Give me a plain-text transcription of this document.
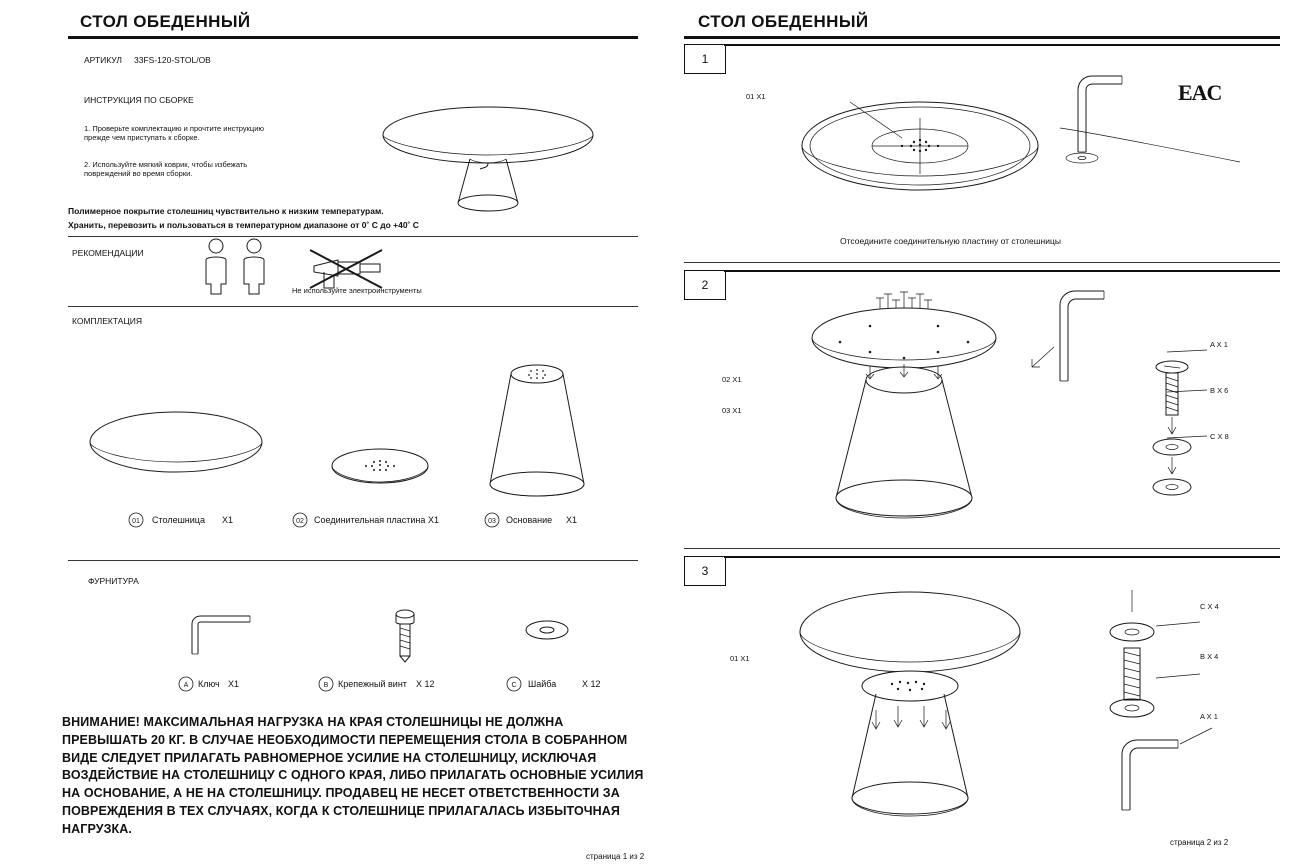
СТОЛ ОБЕДЕННЫЙ
АРТИКУЛ 33FS-120-STOL/OB
ИНСТРУКЦИЯ ПО СБОРКЕ
1. Проверьте комплектацию и прочтите инструкцию прежде чем приступать к сборке.
2. Используйте мягкий коврик, чтобы избежать повреждений во время сборки.
Полимерное покрытие столешниц чувствительно к низким температурам.
Хранить, перевозить и пользоваться в температурном диапазоне от 0˚ С до +40˚ С
РЕКОМЕНДАЦИИ
Не используйте электроинструменты
КОМПЛЕКТАЦИЯ
01 Столешница X1	02 Соединительная пластина X1	03 Основание X1
ФУРНИТУРА
A Ключ X1	B Крепежный винт X 12	C Шайба	X 12
ВНИМАНИЕ! МАКСИМАЛЬНАЯ НАГРУЗКА НА КРАЯ СТОЛЕШНИЦЫ НЕ ДОЛЖНА ПРЕВЫШАТЬ 20 КГ. В СЛУЧАЕ НЕОБХОДИМОСТИ ПЕРЕМЕЩЕНИЯ СТОЛА В СОБРАННОМ ВИДЕ СЛЕДУЕТ ПРИЛАГАТЬ РАВНОМЕРНОЕ УСИЛИЕ НА СТОЛЕШНИЦУ, ИСКЛЮЧАЯ ВОЗДЕЙСТВИЕ НА СТОЛЕШНИЦУ С ОДНОГО КРАЯ, ЛИБО ПРИЛАГАТЬ ОСНОВНЫЕ УСИЛИЯ НА ОСНОВАНИЕ, А НЕ НА СТОЛЕШНИЦУ. ПРОДАВЕЦ НЕ НЕСЕТ ОТВЕТСТВЕННОСТИ ЗА ПОВРЕЖДЕНИЯ В ТЕХ СЛУЧАЯХ, КОГДА К СТОЛЕШНИЦЕ ПРИЛАГАЛАСЬ ИЗБЫТОЧНАЯ НАГРУЗКА.
страница 1 из 2
СТОЛ ОБЕДЕННЫЙ
EAC
1
01 X1
Отсоедините соединительную пластину от столешницы
2
02 X1
03 X1
A X 1
B X 6
C X 8
3
01 X1
C X 4
B X 4
A X 1
страница 2 из 2
